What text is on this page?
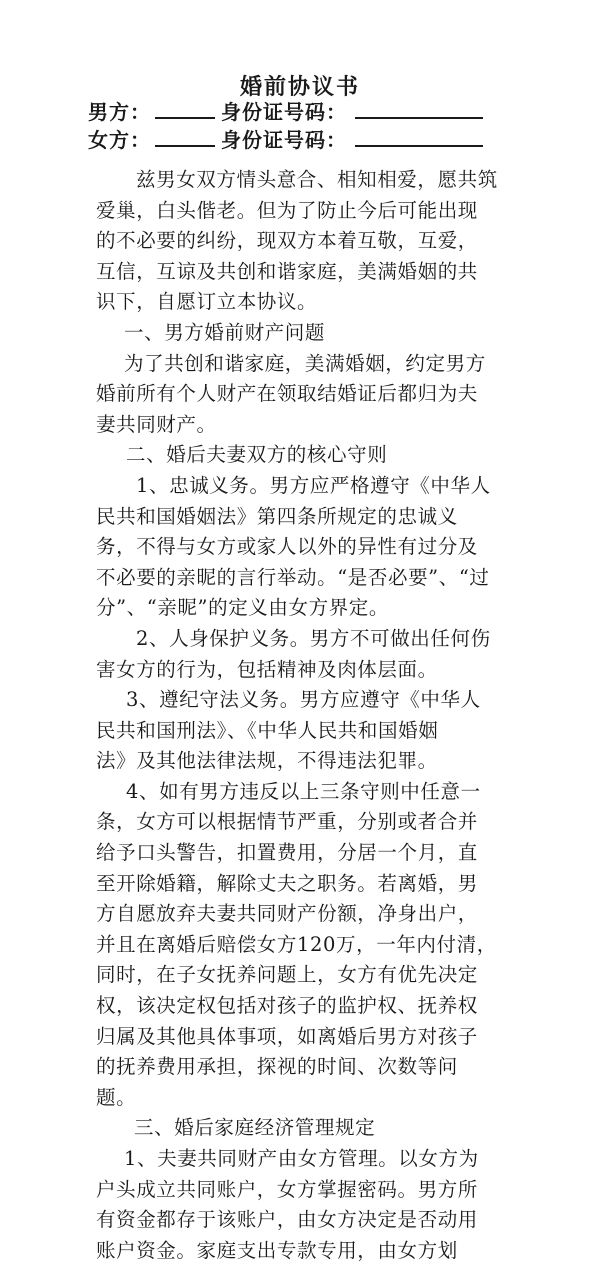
婚前协议书
男方：	身份证号码：
女方：	身份证号码：

兹男女双方情头意合、相知相爱，愿共筑

爱巢，白头偕老。但为了防止今后可能出现

的不必要的纠纷，现双方本着互敬，互爱，

互信，互谅及共创和谐家庭，美满婚姻的共

识下，自愿订立本协议。

一、男方婚前财产问题

为了共创和谐家庭，美满婚姻，约定男方

婚前所有个人财产在领取结婚证后都归为夫

妻共同财产。

二、婚后夫妻双方的核心守则

1、忠诚义务。男方应严格遵守《中华人

民共和国婚姻法》第四条所规定的忠诚义

务，不得与女方或家人以外的异性有过分及

不必要的亲昵的言行举动。“是否必要”、“过

分”、“亲昵”的定义由女方界定。

2、人身保护义务。男方不可做出任何伤

害女方的行为，包括精神及肉体层面。

3、遵纪守法义务。男方应遵守《中华人

民共和国刑法》、《中华人民共和国婚姻

法》及其他法律法规，不得违法犯罪。

4、如有男方违反以上三条守则中任意一

条，女方可以根据情节严重，分别或者合并

给予口头警告，扣置费用，分居一个月，直

至开除婚籍，解除丈夫之职务。若离婚，男

方自愿放弃夫妻共同财产份额，净身出户，

并且在离婚后赔偿女方120万，一年内付清，

同时，在子女抚养问题上，女方有优先决定

权，该决定权包括对孩子的监护权、抚养权

归属及其他具体事项，如离婚后男方对孩子

的抚养费用承担，探视的时间、次数等问

题。

三、婚后家庭经济管理规定

1、夫妻共同财产由女方管理。以女方为

户头成立共同账户，女方掌握密码。男方所

有资金都存于该账户，由女方决定是否动用

账户资金。家庭支出专款专用，由女方划
